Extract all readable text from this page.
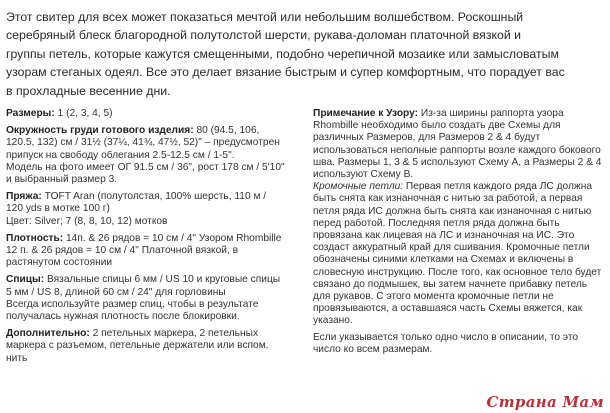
Этот свитер для всех может показаться мечтой или небольшим волшебством. Роскошный
серебряный блеск благородной полутолстой шерсти, рукава-доломан платочной вязкой и
группы петель, которые кажутся смещенными, подобно черепичной мозаике или замысловатым
узорам стеганых одеял. Все это делает вязание быстрым и супер комфортным, что порадует вас
в прохладные весенние дни.
Размеры: 1 (2, 3, 4, 5)
Окружность груди готового изделия: 80 (94.5, 106,
120.5, 132) см / 31½ (37¼, 41¾, 47½, 52)" – предусмотрен
припуск на свободу облегания 2.5-12.5 см / 1-5".
Модель на фото имеет ОГ 91.5 см / 36", рост 178 см / 5'10"
и выбранный размер 3.
Пряжа: TOFT Aran (полутолстая, 100% шерсть, 110 м /
120 yds в мотке 100 г)
Цвет: Silver; 7 (8, 8, 10, 12) мотков
Плотность: 14п. & 26 рядов = 10 см / 4" Узором Rhombille
12 п. & 26 рядов = 10 см / 4" Платочной вязкой, в
растянутом состоянии
Спицы: Вязальные спицы 6 мм / US 10 и круговые спицы
5 мм / US 8, длиной 60 см / 24" для горловины
Всегда используйте размер спиц, чтобы в результате
получалась нужная плотность после блокировки.
Дополнительно: 2 петельных маркера, 2 петельных
маркера с разъемом, петельные держатели или вспом.
нить
Примечание к Узору: Из-за ширины раппорта узора
Rhombille необходимо было создать две Схемы для
различных Размеров, для Размеров 2 & 4 будут
использоваться неполные раппорты возле каждого бокового
шва. Размеры 1, 3 & 5 используют Схему А, а Размеры 2 & 4
используют Схему В.
Кромочные петли: Первая петля каждого ряда ЛС должна
быть снята как изнаночная с нитью за работой, а первая
петля ряда ИС должна быть снята как изнаночная с нитью
перед работой. Последняя петля ряда должна быть
провязана как лицевая на ЛС и изнаночная на ИС. Это
создаст аккуратный край для сшивания. Кромочные петли
обозначены синими клетками на Схемах и включены в
словесную инструкцию. После того, как основное тело будет
связано до подмышек, вы затем начнете прибавку петель
для рукавов. С этого момента кромочные петли не
провязываются, а оставшаяся часть Схемы вяжется, как
указано.
Если указывается только одно число в описании, то это
число ко всем размерам.
Страна Мам
